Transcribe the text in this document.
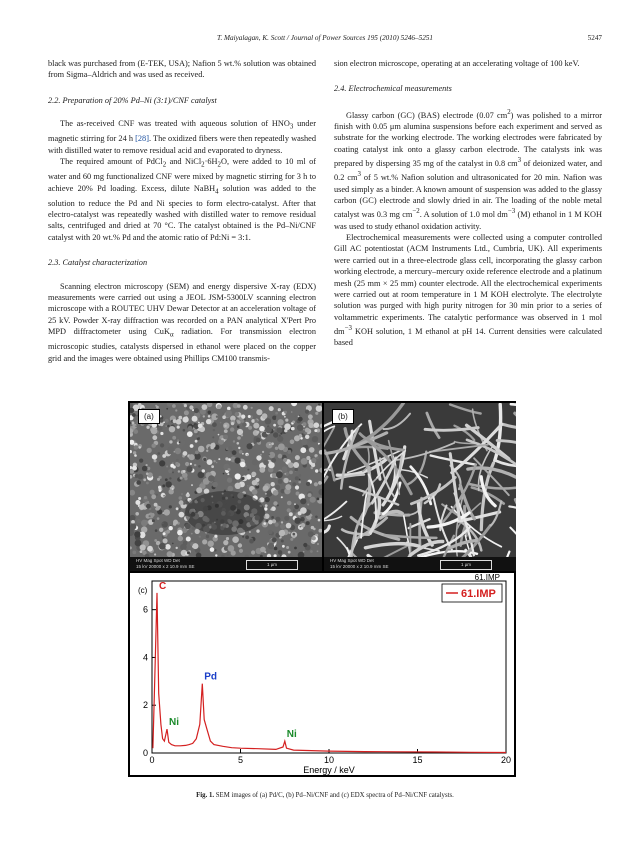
T. Maiyalagan, K. Scott / Journal of Power Sources 195 (2010) 5246–5251	5247

black was purchased from (E-TEK, USA); Nafion 5 wt.% solution was obtained from Sigma–Aldrich and was used as received.

2.2. Preparation of 20% Pd–Ni (3:1)/CNF catalyst

The as-received CNF was treated with aqueous solution of $HNO_3$ under magnetic stirring for 24 h [28]. The oxidized fibers were then repeatedly washed with distilled water to remove residual acid and evaporated to dryness.

The required amount of PdCl$_2$ and $NiCl_2\cdot 6H_2O$, were added to 10 ml of water and 60 mg functionalized CNF were mixed by magnetic stirring for 3 h to achieve 20% Pd loading. Excess, dilute NaBH$_4$ solution was added to the solution to reduce the Pd and Ni species to form electro-catalyst. After that electro-catalyst was repeatedly washed with distilled water to remove residual salts, centrifuged and dried at 70 °C. The catalyst obtained is the Pd–Ni/CNF catalyst with 20 wt.% Pd and the atomic ratio of Pd:Ni = 3:1.

2.3. Catalyst characterization

Scanning electron microscopy (SEM) and energy dispersive X-ray (EDX) measurements were carried out using a JEOL JSM-5300LV scanning electron microscope with a ROUTEC UHV Dewar Detector at an acceleration voltage of 25 kV. Powder X-ray diffraction was recorded on a PAN analytical X'Pert Pro MPD diffractometer using CuK$_\alpha$ radiation. For transmission electron microscopic studies, catalysts dispersed in ethanol were placed on the copper grid and the images were obtained using Phillips CM100 transmis-

sion electron microscope, operating at an accelerating voltage of 100 keV.

2.4. Electrochemical measurements

Glassy carbon (GC) (BAS) electrode (0.07 $cm^2$) was polished to a mirror finish with 0.05 μm alumina suspensions before each experiment and served as substrate for the working electrode. The working electrodes were fabricated by coating catalyst ink onto a glassy carbon electrode. The catalysts ink was prepared by dispersing 35 mg of the catalyst in 0.8 $cm^3$ of deionized water, and 0.2 $cm^3$ of 5 wt.% Nafion solution and ultrasonicated for 20 min. Nafion was used simply as a binder. A known amount of suspension was added to the glassy carbon (GC) electrode and slowly dried in air. The loading of the noble metal catalyst was 0.3 mg $cm^{-2}$. A solution of 1.0 mol $dm^{-3}$ (M) ethanol in 1 M KOH was used to study ethanol oxidation activity.

Electrochemical measurements were collected using a computer controlled Gill AC potentiostat (ACM Instruments Ltd., Cumbria, UK). All experiments were carried out in a three-electrode glass cell, incorporating the glassy carbon working electrode, a mercury–mercury oxide reference electrode and a platinum mesh (25 mm × 25 mm) counter electrode. All the electrochemical experiments were carried out at room temperature in 1 M KOH electrolyte. The electrolyte solution was purged with high purity nitrogen for 30 min prior to a series of voltammetric experiments. The catalytic performance was observed in 1 mol $dm^{-3}$ KOH solution, 1 M ethanol at pH 14. Current densities were calculated based

(a)
HV Mag Spot WD Det
15 kV 20000 x 2 10.9 mm SE	1 µm
(b)
HV Mag Spot WD Det
15 kV 20000 x 2 10.9 mm SE	1 µm
0	5	10	15	20
0
2
4
6
Energy / keV
C
Ni
Pd
Ni
61.IMP
61.IMP
(c)
Fig. 1. SEM images of (a) Pd/C, (b) Pd–Ni/CNF and (c) EDX spectra of Pd–Ni/CNF catalysts.
